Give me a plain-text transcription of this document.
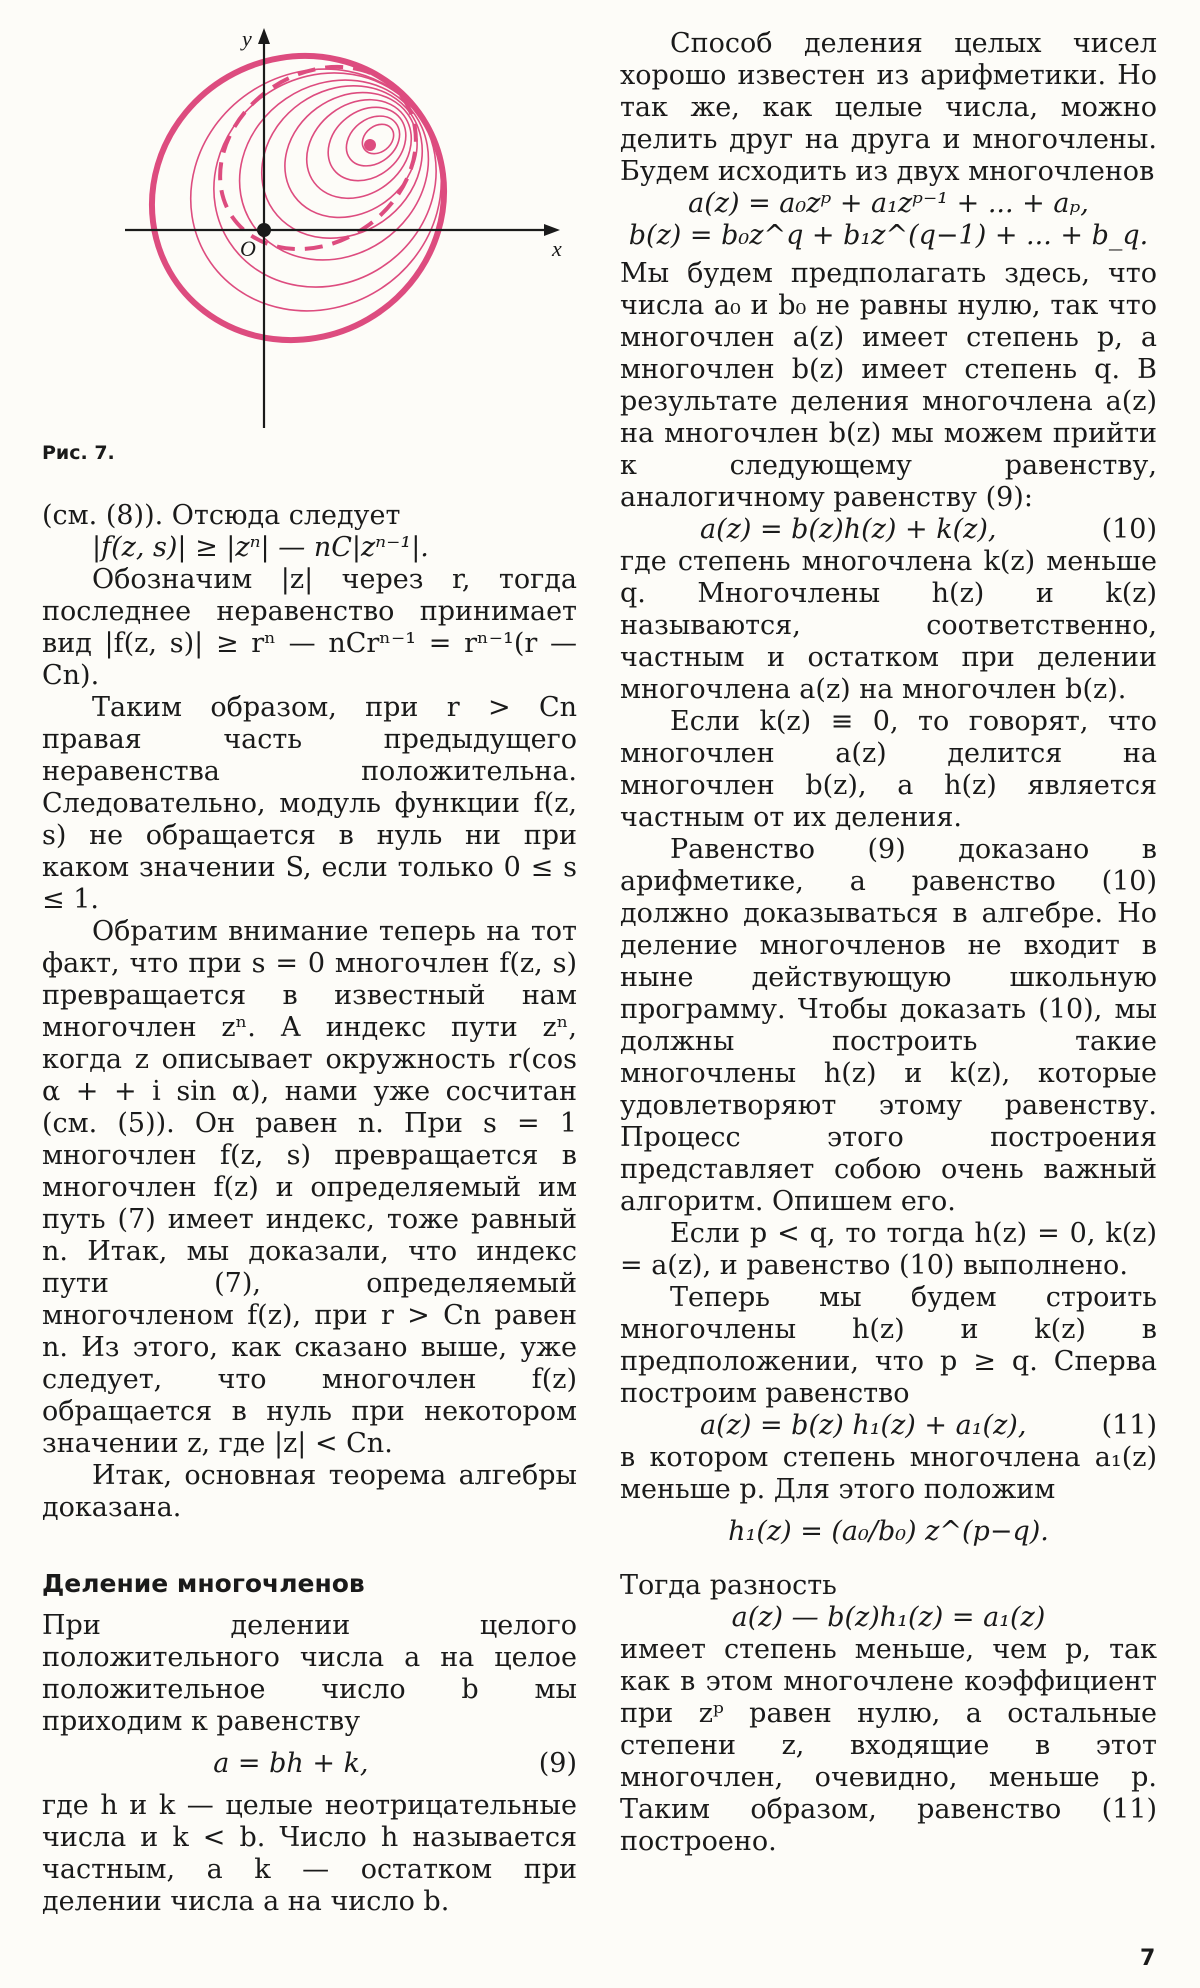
x
y
O
Рис. 7.

(см. (8)). Отсюда следует

|f(z, s)| ≥ |zⁿ| — nC|zⁿ⁻¹|.

Обозначим |z| через r, тогда последнее неравенство принимает вид |f(z, s)| ≥ rⁿ — nCrⁿ⁻¹ = rⁿ⁻¹(r — Cn).

Таким образом, при r > Cn правая часть предыдущего неравенства положительна. Следовательно, модуль функции f(z, s) не обращается в нуль ни при каком значении S, если только 0 ≤ s ≤ 1.

Обратим внимание теперь на тот факт, что при s = 0 многочлен f(z, s) превращается в известный нам многочлен zⁿ. А индекс пути zⁿ, когда z описывает окружность r(cos α + + i sin α), нами уже сосчитан (см. (5)). Он равен n. При s = 1 многочлен f(z, s) превращается в многочлен f(z) и определяемый им путь (7) имеет индекс, тоже равный n. Итак, мы доказали, что индекс пути (7), определяемый многочленом f(z), при r > Cn равен n. Из этого, как сказано выше, уже следует, что многочлен f(z) обращается в нуль при некотором значении z, где |z| < Cn.

Итак, основная теорема алгебры доказана.

Деление многочленов

При делении целого положительного числа a на целое положительное число b мы приходим к равенству

a = bh + k,	(9)

где h и k — целые неотрицательные числа и k < b. Число h называется частным, а k — остатком при делении числа a на число b.

Способ деления целых чисел хорошо известен из арифметики. Но так же, как целые числа, можно делить друг на друга и многочлены. Будем исходить из двух многочленов

a(z) = a₀zᵖ + a₁zᵖ⁻¹ + ... + aₚ,

b(z) = b₀z^q + b₁z^(q−1) + ... + b_q.

Мы будем предполагать здесь, что числа a₀ и b₀ не равны нулю, так что многочлен a(z) имеет степень p, а многочлен b(z) имеет степень q. В результате деления многочлена a(z) на многочлен b(z) мы можем прийти к следующему равенству, аналогичному равенству (9):

a(z) = b(z)h(z) + k(z),	(10)

где степень многочлена k(z) меньше q. Многочлены h(z) и k(z) называются, соответственно, частным и остатком при делении многочлена a(z) на многочлен b(z).

Если k(z) ≡ 0, то говорят, что многочлен a(z) делится на многочлен b(z), а h(z) является частным от их деления.

Равенство (9) доказано в арифметике, а равенство (10) должно доказываться в алгебре. Но деление многочленов не входит в ныне действующую школьную программу. Чтобы доказать (10), мы должны построить такие многочлены h(z) и k(z), которые удовлетворяют этому равенству. Процесс этого построения представляет собою очень важный алгоритм. Опишем его.

Если p < q, то тогда h(z) = 0, k(z) = a(z), и равенство (10) выполнено.

Теперь мы будем строить многочлены h(z) и k(z) в предположении, что p ≥ q. Сперва построим равенство

a(z) = b(z) h₁(z) + a₁(z),	(11)

в котором степень многочлена a₁(z) меньше p. Для этого положим

h₁(z) = (a₀/b₀) z^(p−q).

Тогда разность

a(z) — b(z)h₁(z) = a₁(z)

имеет степень меньше, чем p, так как в этом многочлене коэффициент при zᵖ равен нулю, а остальные степени z, входящие в этот многочлен, очевидно, меньше p. Таким образом, равенство (11) построено.

7
